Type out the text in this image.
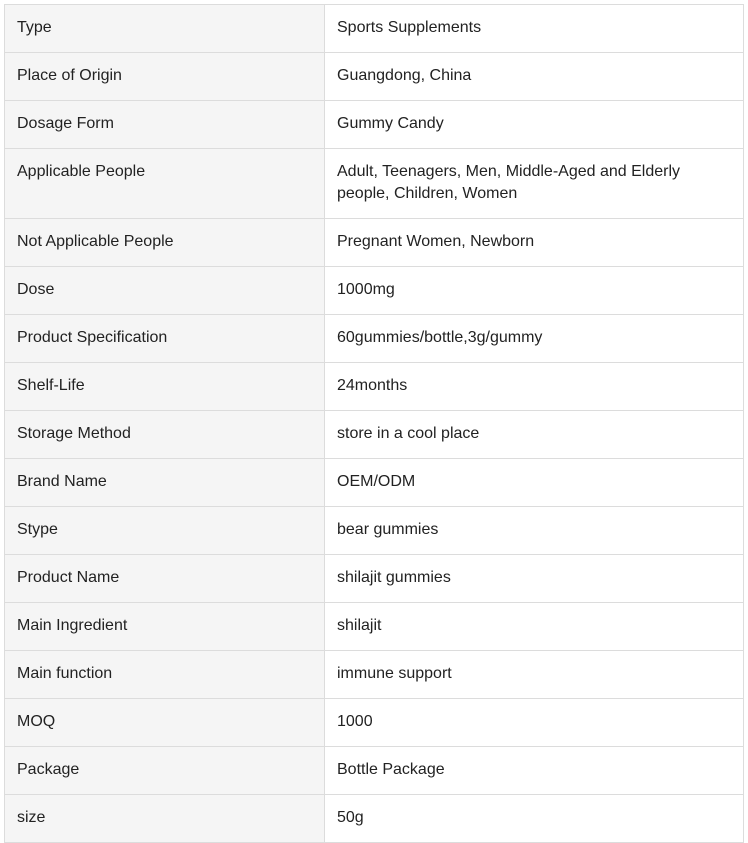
Type	Sports Supplements
Place of Origin	Guangdong, China
Dosage Form	Gummy Candy
Applicable People	Adult, Teenagers, Men, Middle-Aged and Elderly people, Children, Women
Not Applicable People	Pregnant Women, Newborn
Dose	1000mg
Product Specification	60gummies/bottle,3g/gummy
Shelf-Life	24months
Storage Method	store in a cool place
Brand Name	OEM/ODM
Stype	bear gummies
Product Name	shilajit gummies
Main Ingredient	shilajit
Main function	immune support
MOQ	1000
Package	Bottle Package
size	50g
